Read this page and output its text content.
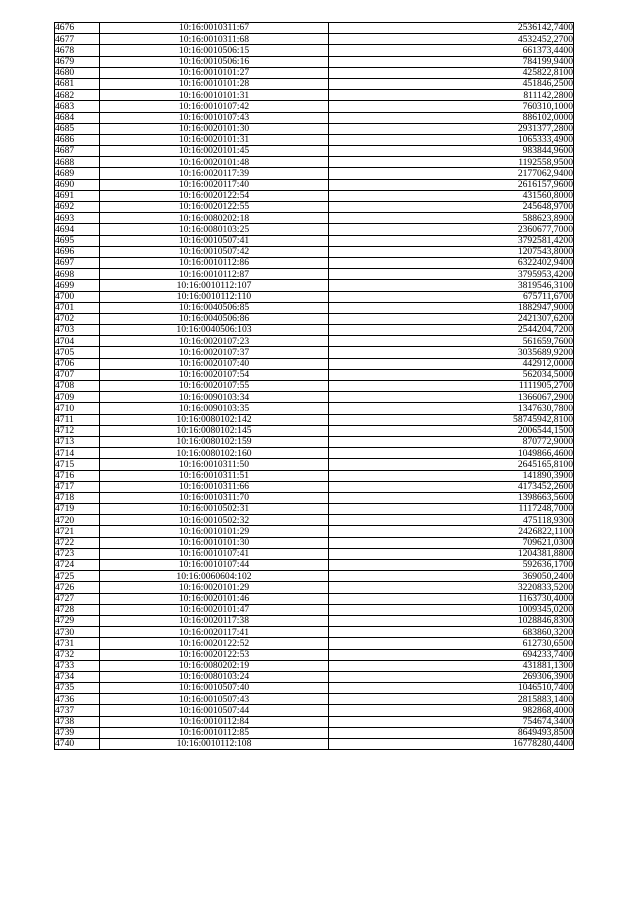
4676	10:16:0010311:67	2536142,7400
4677	10:16:0010311:68	4532452,2700
4678	10:16:0010506:15	661373,4400
4679	10:16:0010506:16	784199,9400
4680	10:16:0010101:27	425822,8100
4681	10:16:0010101:28	451846,2500
4682	10:16:0010101:31	811142,2800
4683	10:16:0010107:42	760310,1000
4684	10:16:0010107:43	886102,0000
4685	10:16:0020101:30	2931377,2800
4686	10:16:0020101:31	1065333,4900
4687	10:16:0020101:45	983844,9600
4688	10:16:0020101:48	1192558,9500
4689	10:16:0020117:39	2177062,9400
4690	10:16:0020117:40	2616157,9600
4691	10:16:0020122:54	431560,8000
4692	10:16:0020122:55	245648,9700
4693	10:16:0080202:18	588623,8900
4694	10:16:0080103:25	2360677,7000
4695	10:16:0010507:41	3792581,4200
4696	10:16:0010507:42	1207543,8000
4697	10:16:0010112:86	6322402,9400
4698	10:16:0010112:87	3795953,4200
4699	10:16:0010112:107	3819546,3100
4700	10:16:0010112:110	675711,6700
4701	10:16:0040506:85	1882947,9000
4702	10:16:0040506:86	2421307,6200
4703	10:16:0040506:103	2544204,7200
4704	10:16:0020107:23	561659,7600
4705	10:16:0020107:37	3035689,9200
4706	10:16:0020107:40	442912,0000
4707	10:16:0020107:54	562034,5000
4708	10:16:0020107:55	1111905,2700
4709	10:16:0090103:34	1366067,2900
4710	10:16:0090103:35	1347630,7800
4711	10:16:0080102:142	58745942,8100
4712	10:16:0080102:145	2006544,1500
4713	10:16:0080102:159	870772,9000
4714	10:16:0080102:160	1049866,4600
4715	10:16:0010311:50	2645165,8100
4716	10:16:0010311:51	141890,3900
4717	10:16:0010311:66	4173452,2600
4718	10:16:0010311:70	1398663,5600
4719	10:16:0010502:31	1117248,7000
4720	10:16:0010502:32	475118,9300
4721	10:16:0010101:29	2426822,1100
4722	10:16:0010101:30	709621,0300
4723	10:16:0010107:41	1204381,8800
4724	10:16:0010107:44	592636,1700
4725	10:16:0060604:102	369050,2400
4726	10:16:0020101:29	3220833,5200
4727	10:16:0020101:46	1163730,4000
4728	10:16:0020101:47	1009345,0200
4729	10:16:0020117:38	1028846,8300
4730	10:16:0020117:41	683860,3200
4731	10:16:0020122:52	612730,6500
4732	10:16:0020122:53	694233,7400
4733	10:16:0080202:19	431881,1300
4734	10:16:0080103:24	269306,3900
4735	10:16:0010507:40	1046510,7400
4736	10:16:0010507:43	2815883,1400
4737	10:16:0010507:44	982868,4000
4738	10:16:0010112:84	754674,3400
4739	10:16:0010112:85	8649493,8500
4740	10:16:0010112:108	16778280,4400
